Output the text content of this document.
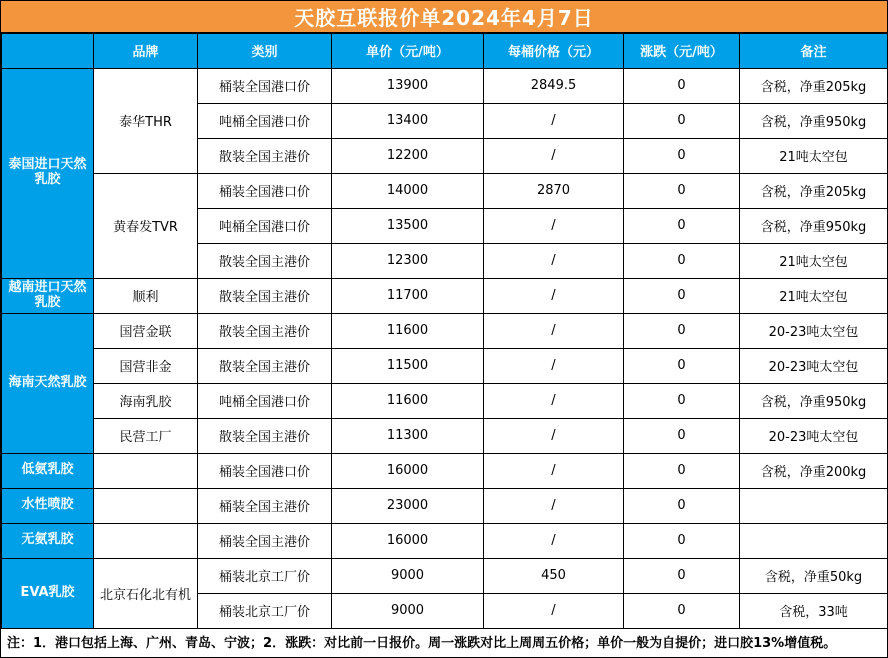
天胶互联报价单2024年4月7日
	品牌	类别	单价（元/吨）	每桶价格（元）	涨跌（元/吨）	备注
泰国进口天然乳胶	泰华THR	桶装全国港口价	13900	2849.5	0	含税，净重205kg
		吨桶全国港口价	13400	/	0	含税，净重950kg
		散装全国主港价	12200	/	0	21吨太空包
	黄春发TVR	桶装全国港口价	14000	2870	0	含税，净重205kg
		吨桶全国港口价	13500	/	0	含税，净重950kg
		散装全国主港价	12300	/	0	21吨太空包
越南进口天然乳胶	顺利	散装全国主港价	11700	/	0	21吨太空包
海南天然乳胶	国营金联	散装全国主港价	11600	/	0	20-23吨太空包
	国营非金	散装全国主港价	11500	/	0	20-23吨太空包
	海南乳胶	吨桶全国港口价	11600	/	0	含税，净重950kg
	民营工厂	散装全国主港价	11300	/	0	20-23吨太空包
低氨乳胶		桶装全国港口价	16000	/	0	含税，净重200kg
水性喷胶		桶装全国主港价	23000	/	0	
无氨乳胶		桶装全国主港价	16000	/	0	
EVA乳胶	北京石化北有机	桶装北京工厂价	9000	450	0	含税，净重50kg
		桶装北京工厂价	9000	/	0	含税，33吨
注：1．港口包括上海、广州、青岛、宁波；2．涨跌：对比前一日报价。周一涨跌对比上周周五价格；单价一般为自提价；进口胶13%增值税。
